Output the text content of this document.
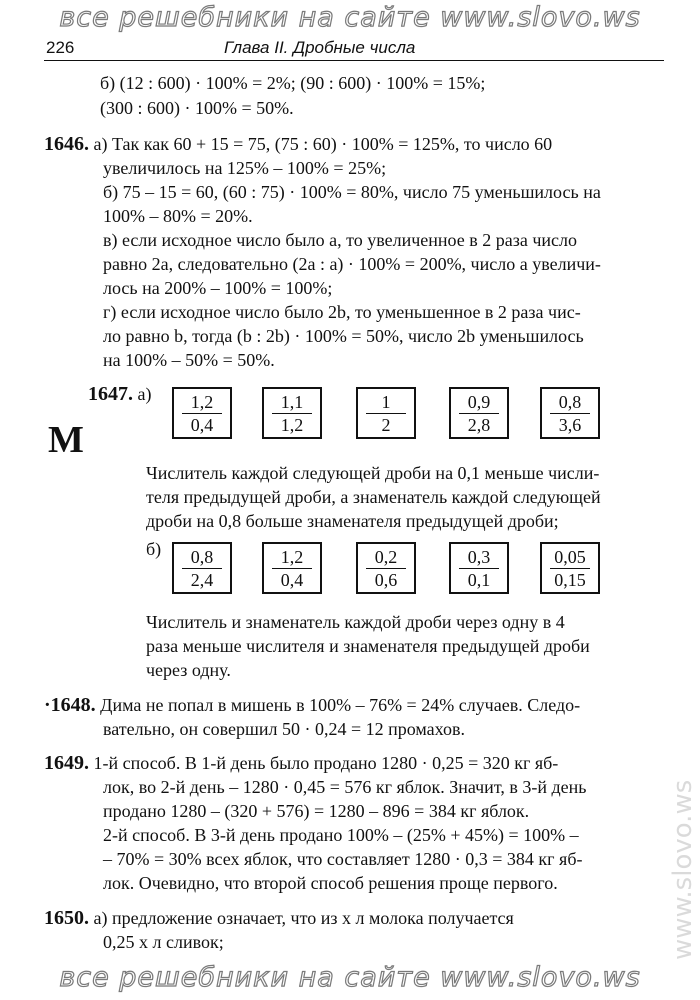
все решебники на сайте www.slovo.ws
226	Глава II. Дробные числа
www.slovo.ws
М
б) (12 : 600) · 100% = 2%; (90 : 600) · 100% = 15%;
(300 : 600) · 100% = 50%.
1646. а) Так как 60 + 15 = 75, (75 : 60) · 100% = 125%, то число 60
увеличилось на 125% – 100% = 25%;
б) 75 – 15 = 60, (60 : 75) · 100% = 80%, число 75 уменьшилось на
100% – 80% = 20%.
в) если исходное число было a, то увеличенное в 2 раза число
равно 2a, следовательно (2a : a) · 100% = 200%, число a увеличи-
лось на 200% – 100% = 100%;
г) если исходное число было 2b, то уменьшенное в 2 раза чис-
ло равно b, тогда (b : 2b) · 100% = 50%, число 2b уменьшилось
на 100% – 50% = 50%.
1647. а)
Числитель каждой следующей дроби на 0,1 меньше числи-
теля предыдущей дроби, а знаменатель каждой следующей
дроби на 0,8 больше знаменателя предыдущей дроби;
б)
Числитель и знаменатель каждой дроби через одну в 4
раза меньше числителя и знаменателя предыдущей дроби
через одну.
·1648. Дима не попал в мишень в 100% – 76% = 24% случаев. Следо-
вательно, он совершил 50 · 0,24 = 12 промахов.
1649. 1-й способ. В 1-й день было продано 1280 · 0,25 = 320 кг яб-
лок, во 2-й день – 1280 · 0,45 = 576 кг яблок. Значит, в 3-й день
продано 1280 – (320 + 576) = 1280 – 896 = 384 кг яблок.
2-й способ. В 3-й день продано 100% – (25% + 45%) = 100% –
– 70% = 30% всех яблок, что составляет 1280 · 0,3 = 384 кг яб-
лок. Очевидно, что второй способ решения проще первого.
1650. а) предложение означает, что из x л молока получается
0,25 x л сливок;
$\frac{1,2}{0,4}$	$\frac{1,1}{1,2}$	$\frac{1}{2}$	$\frac{0,9}{2,8}$	$\frac{0,8}{3,6}$
$\frac{0,8}{2,4}$	$\frac{1,2}{0,4}$	$\frac{0,2}{0,6}$	$\frac{0,3}{0,1}$	$\frac{0,05}{0,15}$
все решебники на сайте www.slovo.ws
